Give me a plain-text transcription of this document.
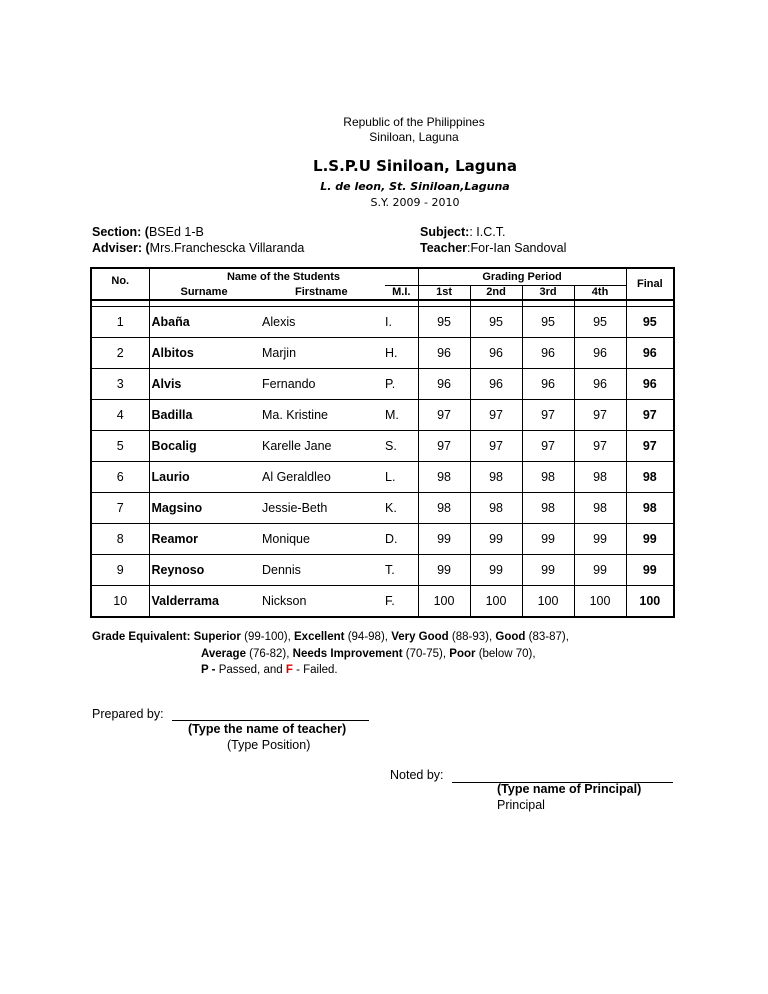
Republic of the Philippines
Siniloan, Laguna
L.S.P.U Siniloan, Laguna
L. de leon, St. Siniloan,Laguna
S.Y. 2009 - 2010
Section: (BSEd 1-B
Adviser: (Mrs.Franchescka Villaranda
Subject:: I.C.T.
Teacher:For-Ian Sandoval
No.	Name of the Students			Grading Period				Final
	Surname	Firstname	M.I.	1st	2nd	3rd	4th	

1	Abaña	Alexis	I.	95	95	95	95	95
2	Albitos	Marjin	H.	96	96	96	96	96
3	Alvis	Fernando	P.	96	96	96	96	96
4	Badilla	Ma. Kristine	M.	97	97	97	97	97
5	Bocalig	Karelle Jane	S.	97	97	97	97	97
6	Laurio	Al Geraldleo	L.	98	98	98	98	98
7	Magsino	Jessie-Beth	K.	98	98	98	98	98
8	Reamor	Monique	D.	99	99	99	99	99
9	Reynoso	Dennis	T.	99	99	99	99	99
10	Valderrama	Nickson	F.	100	100	100	100	100
Grade Equivalent: Superior (99-100), Excellent (94-98), Very Good (88-93), Good (83-87),
Average (76-82), Needs Improvement (70-75), Poor (below 70),
P - Passed, and F - Failed.
Prepared by:
(Type the name of teacher)
(Type Position)
Noted by:
(Type name of Principal)
Principal
